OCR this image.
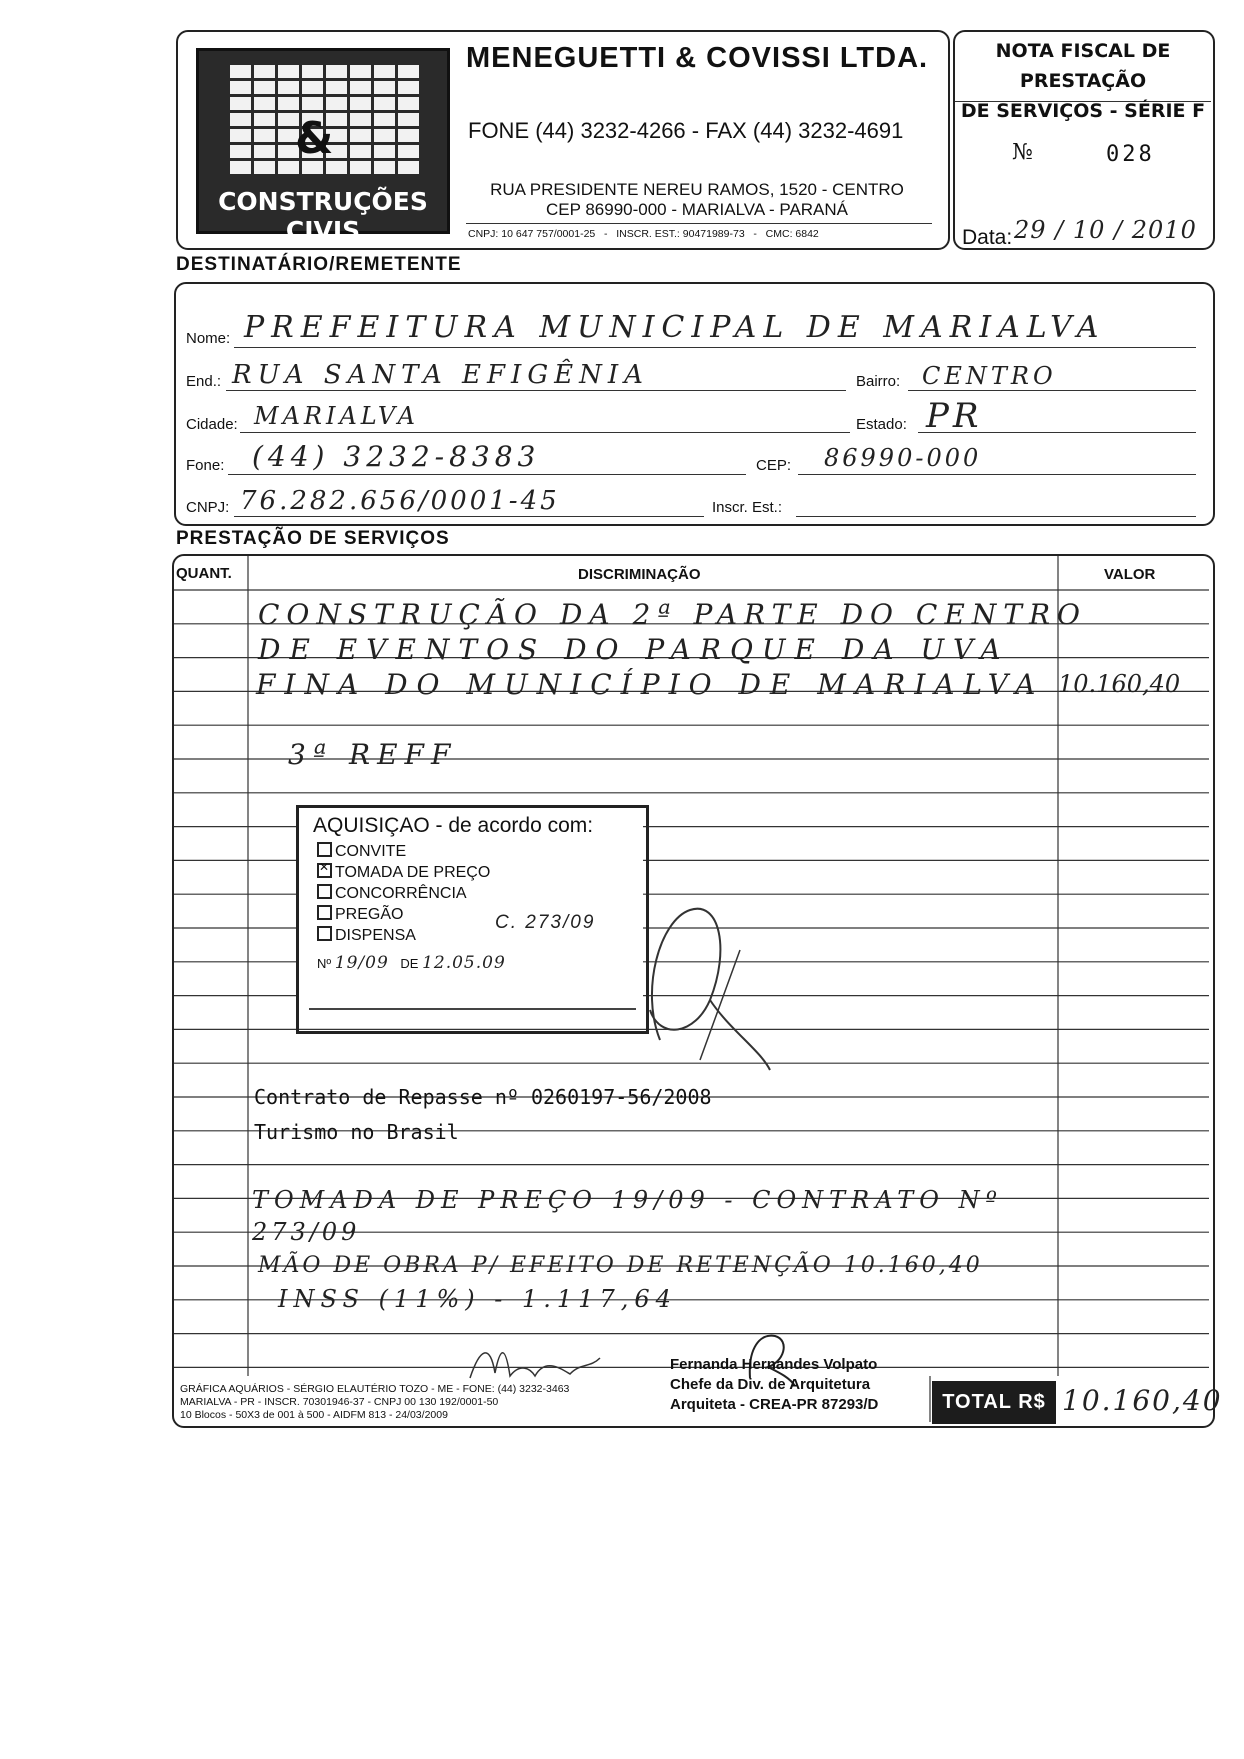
&
CONSTRUÇÕES CIVIS
MENEGUETTI & COVISSI LTDA.
FONE (44) 3232-4266 - FAX (44) 3232-4691
RUA PRESIDENTE NEREU RAMOS, 1520 - CENTRO
CEP 86990-000 - MARIALVA - PARANÁ
CNPJ: 10 647 757/0001-25   -   INSCR. EST.: 90471989-73   -   CMC: 6842
NOTA FISCAL DE PRESTAÇÃO
DE SERVIÇOS - SÉRIE F
№	028
Data: 29 / 10 / 2010
DESTINATÁRIO/REMETENTE
Nome: PREFEITURA MUNICIPAL DE MARIALVA
End.: RUA SANTA EFIGÊNIA	Bairro: CENTRO
Cidade: MARIALVA	Estado: PR
Fone: (44) 3232-8383	CEP: 86990-000
CNPJ: 76.282.656/0001-45	Inscr. Est.:
PRESTAÇÃO DE SERVIÇOS
QUANT.	DISCRIMINAÇÃO	VALOR
CONSTRUÇÃO DA 2ª PARTE DO CENTRO
DE EVENTOS DO PARQUE DA UVA
FINA DO MUNICÍPIO DE MARIALVA 10.160,40
3ª REFF
AQUISIÇAO - de acordo com:
CONVITE
✕TOMADA DE PREÇO
CONCORRÊNCIA
PREGÃO
DISPENSA
Nº 19/09 DE 12.05.09
C. 273/09
Contrato de Repasse nº 0260197-56/2008
Turismo no Brasil
TOMADA DE PREÇO 19/09 - CONTRATO Nº
273/09
MÃO DE OBRA P/ EFEITO DE RETENÇÃO 10.160,40
INSS (11%) - 1.117,64
Fernanda Hernandes Volpato
Chefe da Div. de Arquitetura
Arquiteta - CREA-PR 87293/D
GRÁFICA AQUÁRIOS - SÉRGIO ELAUTÉRIO TOZO - ME - FONE: (44) 3232-3463
MARIALVA - PR - INSCR. 70301946-37 - CNPJ 00 130 192/0001-50
10 Blocos - 50X3 de 001 à 500 - AIDFM 813 - 24/03/2009
TOTAL R$ 10.160,40
